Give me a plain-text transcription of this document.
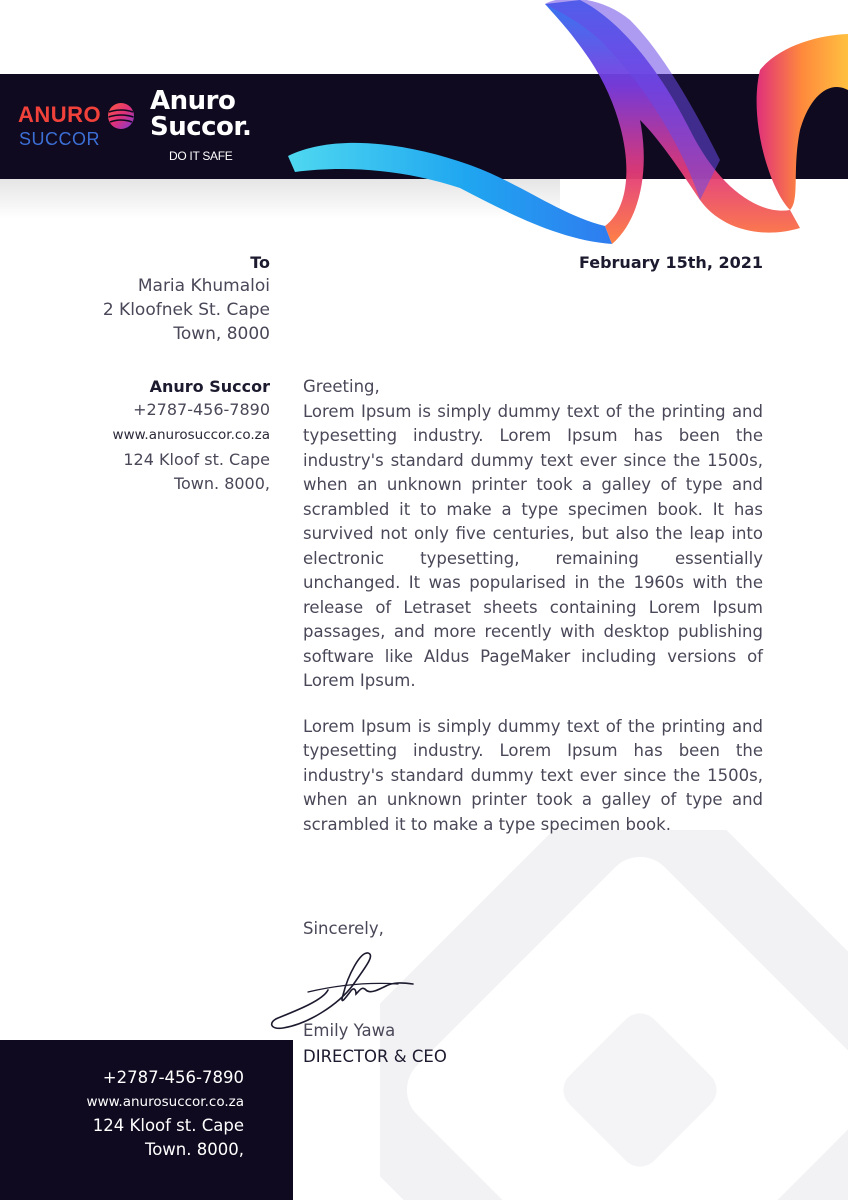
ANURO
SUCCOR
Anuro
Succor.
DO IT SAFE
To
Maria Khumaloi
2 Kloofnek St. Cape
Town, 8000
February 15th, 2021
Anuro Succor
+2787-456-7890
www.anurosuccor.co.za
124 Kloof st. Cape
Town. 8000,
Greeting,

Lorem Ipsum is simply dummy text of the printing and typesetting industry. Lorem Ipsum has been the industry's standard dummy text ever since the 1500s, when an unknown printer took a galley of type and scrambled it to make a type specimen book. It has survived not only five centuries, but also the leap into electronic typesetting, remaining essentially unchanged. It was popularised in the 1960s with the release of Letraset sheets containing Lorem Ipsum passages, and more recently with desktop publishing software like Aldus PageMaker including versions of Lorem Ipsum.

Lorem Ipsum is simply dummy text of the printing and typesetting industry. Lorem Ipsum has been the industry's standard dummy text ever since the 1500s, when an unknown printer took a galley of type and scrambled it to make a type specimen book.

Sincerely,
Emily Yawa
DIRECTOR & CEO
+2787-456-7890
www.anurosuccor.co.za
124 Kloof st. Cape
Town. 8000,
